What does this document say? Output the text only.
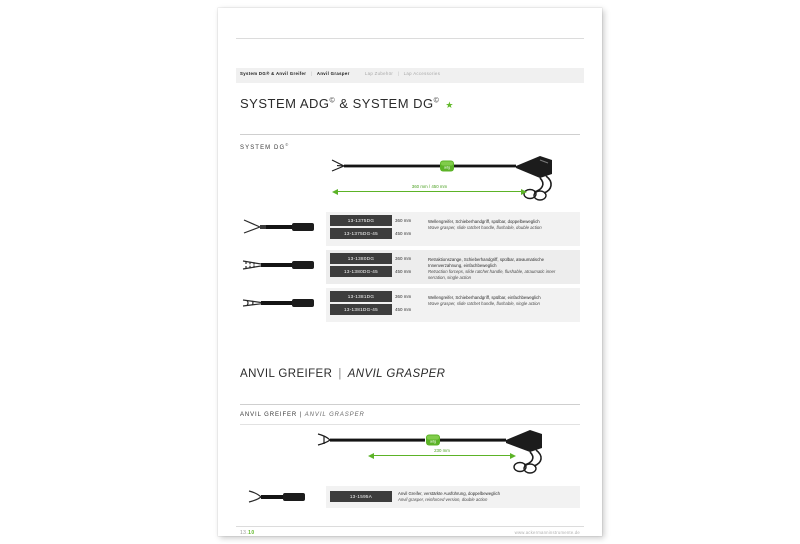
System DG® & Anvil Greifer | Anvil Grasper	Lap Zubehör | Lap Accessories
SYSTEM ADG© & SYSTEM DG© ★
SYSTEM DG©
adg
360 mm / 450 mm
13-1375DG
13-1375DG-45
360 mm
450 mm
Wellengreifer, Schieberhandgriff, spülbar, doppelbeweglich
Wave grasper, slide ratchet handle, flushable, double action
13-1380DG
13-1380DG-45
360 mm
450 mm
Retraktionszange, Schieberhandgriff, spülbar, ateaumatische Innenverzahnung, einfachbeweglich
Retraction forceps, slide ratchet handle, flushable, atraumatic inner serration, single action
13-1381DG
13-1381DG-45
360 mm
450 mm
Wellengreifer, Schieberhandgriff, spülbar, einfachbeweglich
Wave grasper, slide ratchet handle, flushable, single action
ANVIL GREIFER | ANVIL GRASPER
ANVIL GREIFER | ANVIL GRASPER
adg
230 mm
13-1595A
Anvil Greifer, verstärkte Ausführung, doppelbeweglich
Anvil grasper, reinforced version, double action
13.10	www.ackermanninstrumente.de
